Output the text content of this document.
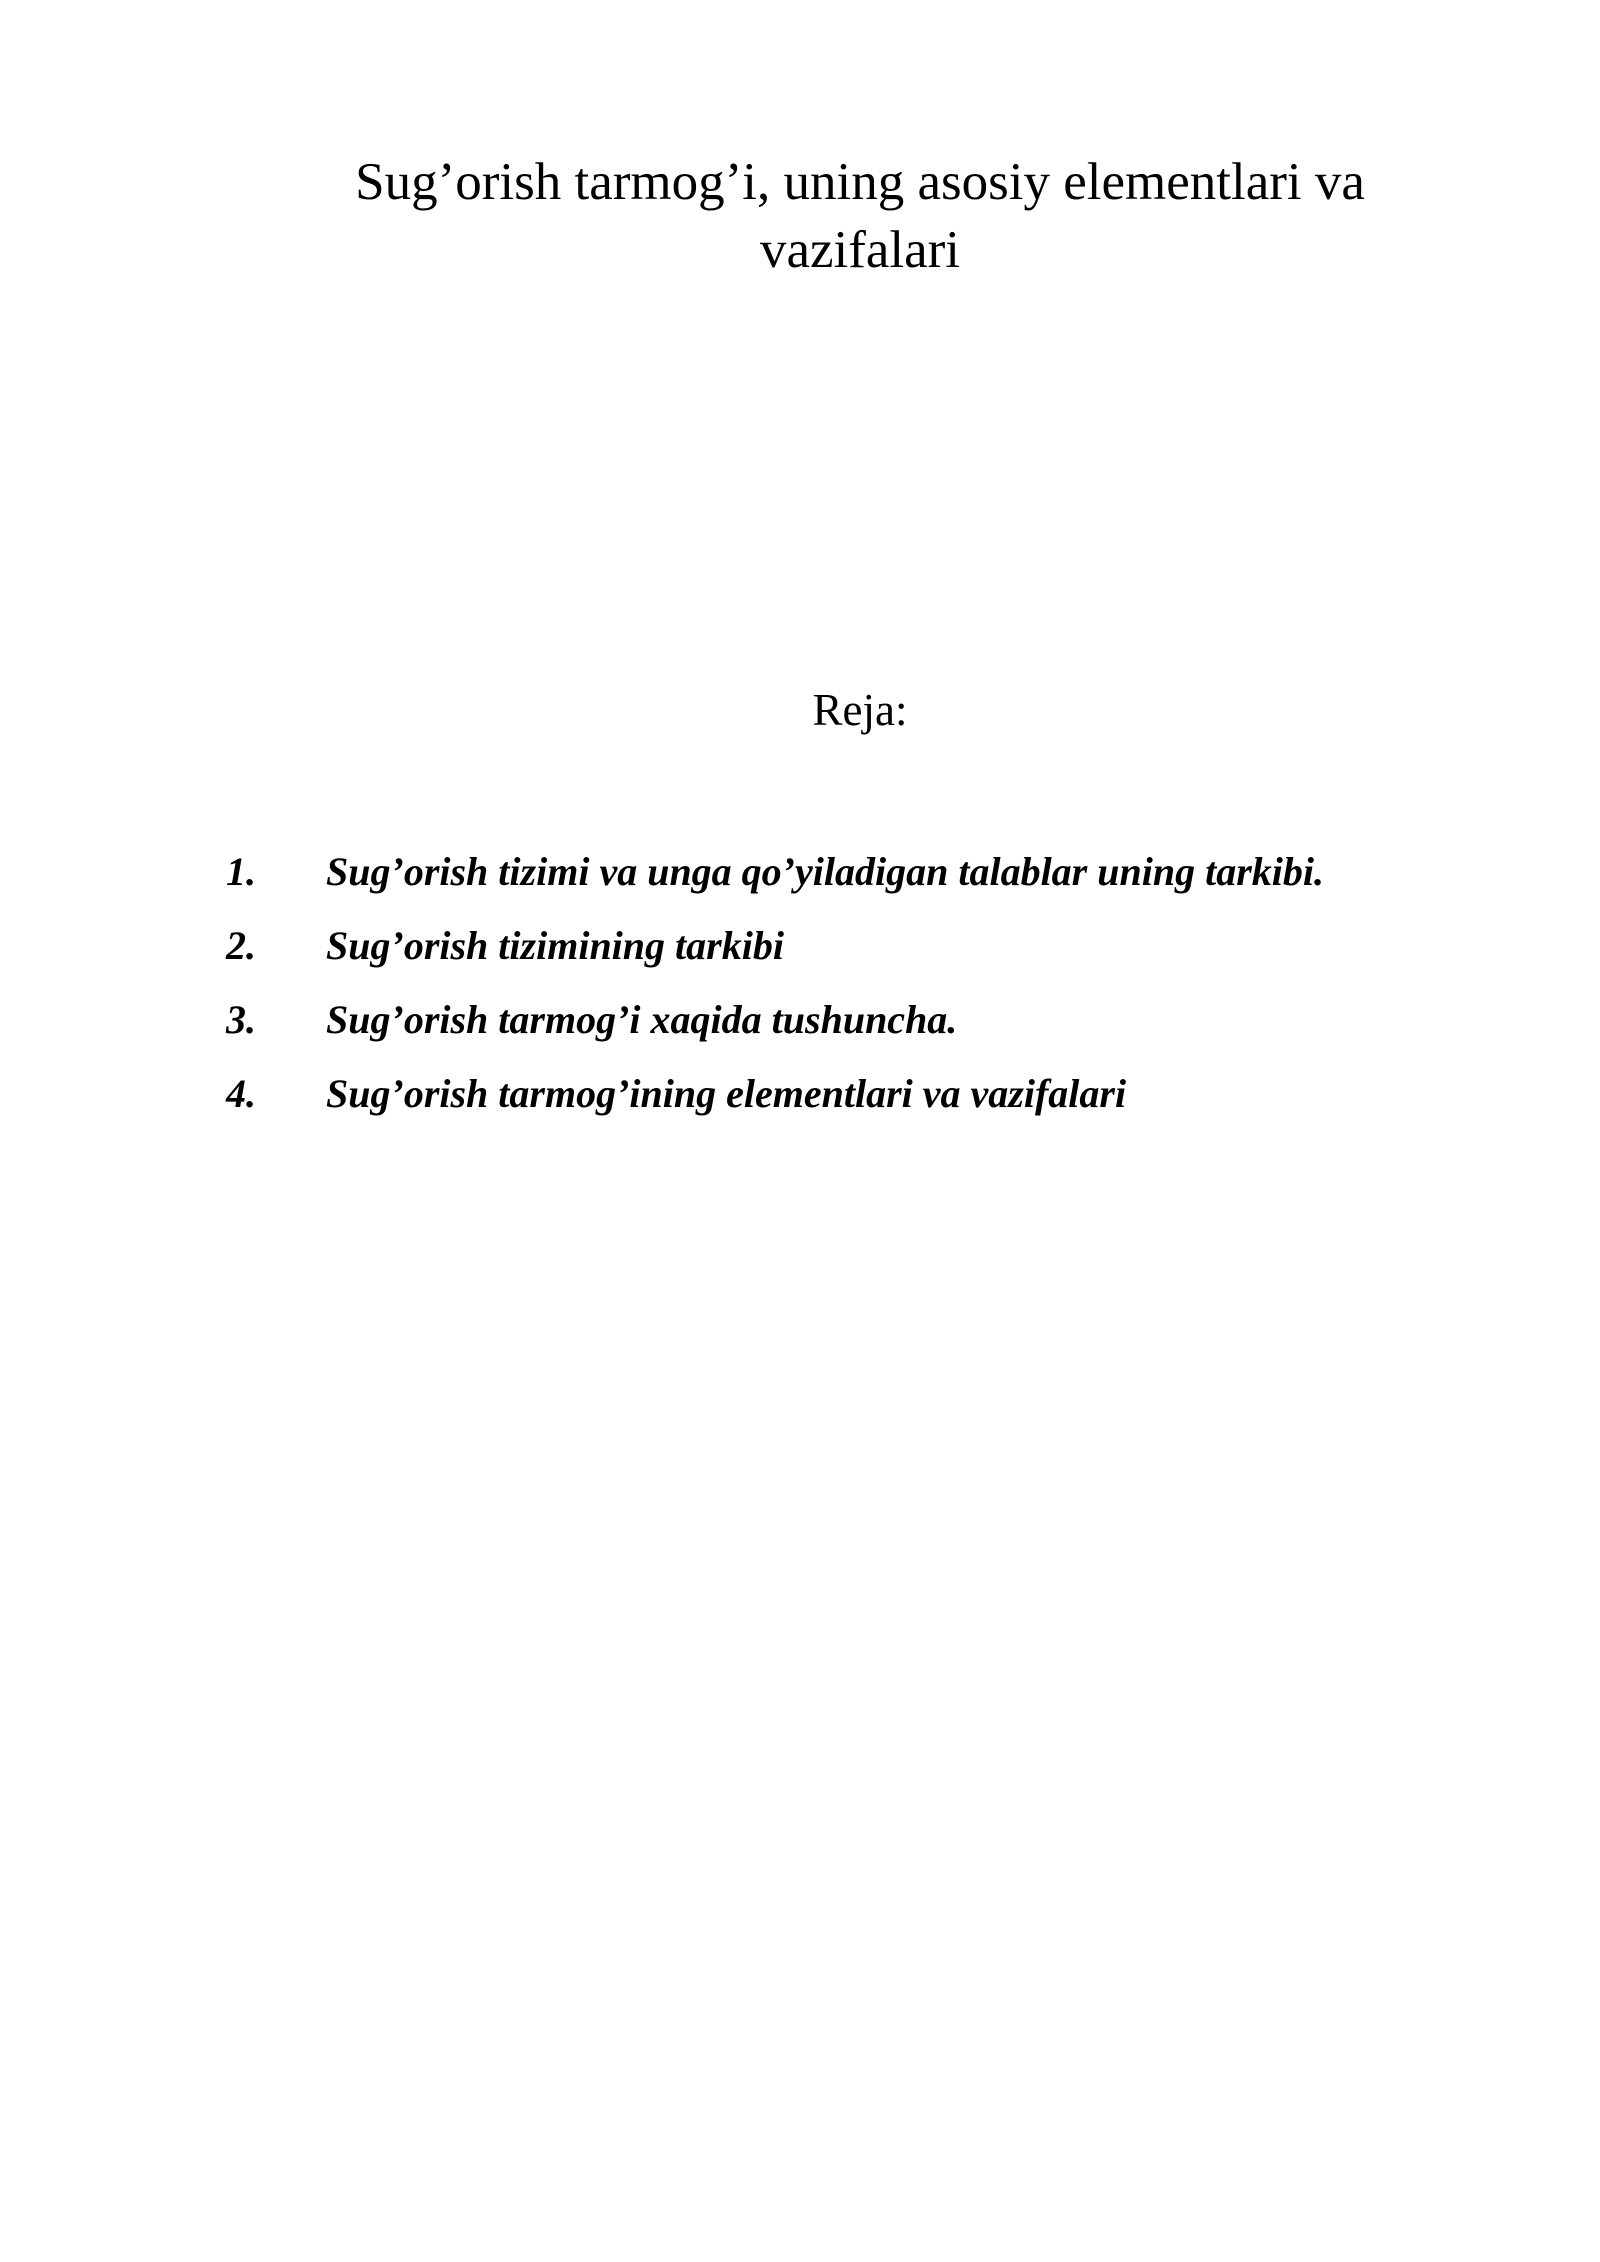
Sug’orish tarmog’i, uning asosiy elementlari va vazifalari
Reja:
1.	Sug’orish tizimi va unga qo’yiladigan talablar uning tarkibi.
2.	Sug’orish tizimining tarkibi
3.	Sug’orish tarmog’i xaqida tushuncha.
4.	Sug’orish tarmog’ining elementlari va vazifalari
